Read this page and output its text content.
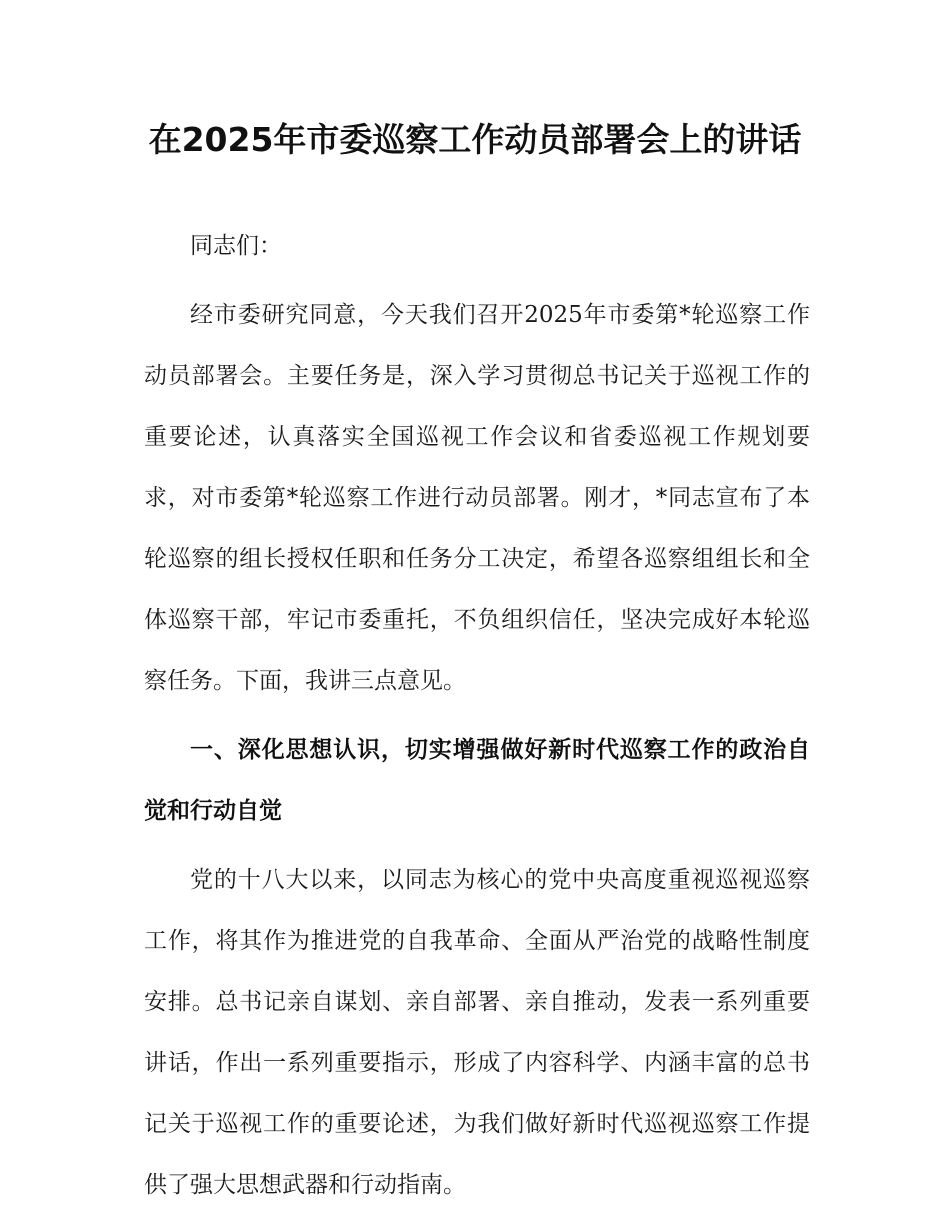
在2025年市委巡察工作动员部署会上的讲话

同志们：

经市委研究同意，今天我们召开2025年市委第*轮巡察工作动员部署会。主要任务是，深入学习贯彻总书记关于巡视工作的重要论述，认真落实全国巡视工作会议和省委巡视工作规划要求，对市委第*轮巡察工作进行动员部署。刚才，*同志宣布了本轮巡察的组长授权任职和任务分工决定，希望各巡察组组长和全体巡察干部，牢记市委重托，不负组织信任，坚决完成好本轮巡察任务。下面，我讲三点意见。

一、深化思想认识，切实增强做好新时代巡察工作的政治自觉和行动自觉

党的十八大以来，以同志为核心的党中央高度重视巡视巡察工作，将其作为推进党的自我革命、全面从严治党的战略性制度安排。总书记亲自谋划、亲自部署、亲自推动，发表一系列重要讲话，作出一系列重要指示，形成了内容科学、内涵丰富的总书记关于巡视工作的重要论述，为我们做好新时代巡视巡察工作提供了强大思想武器和行动指南。
